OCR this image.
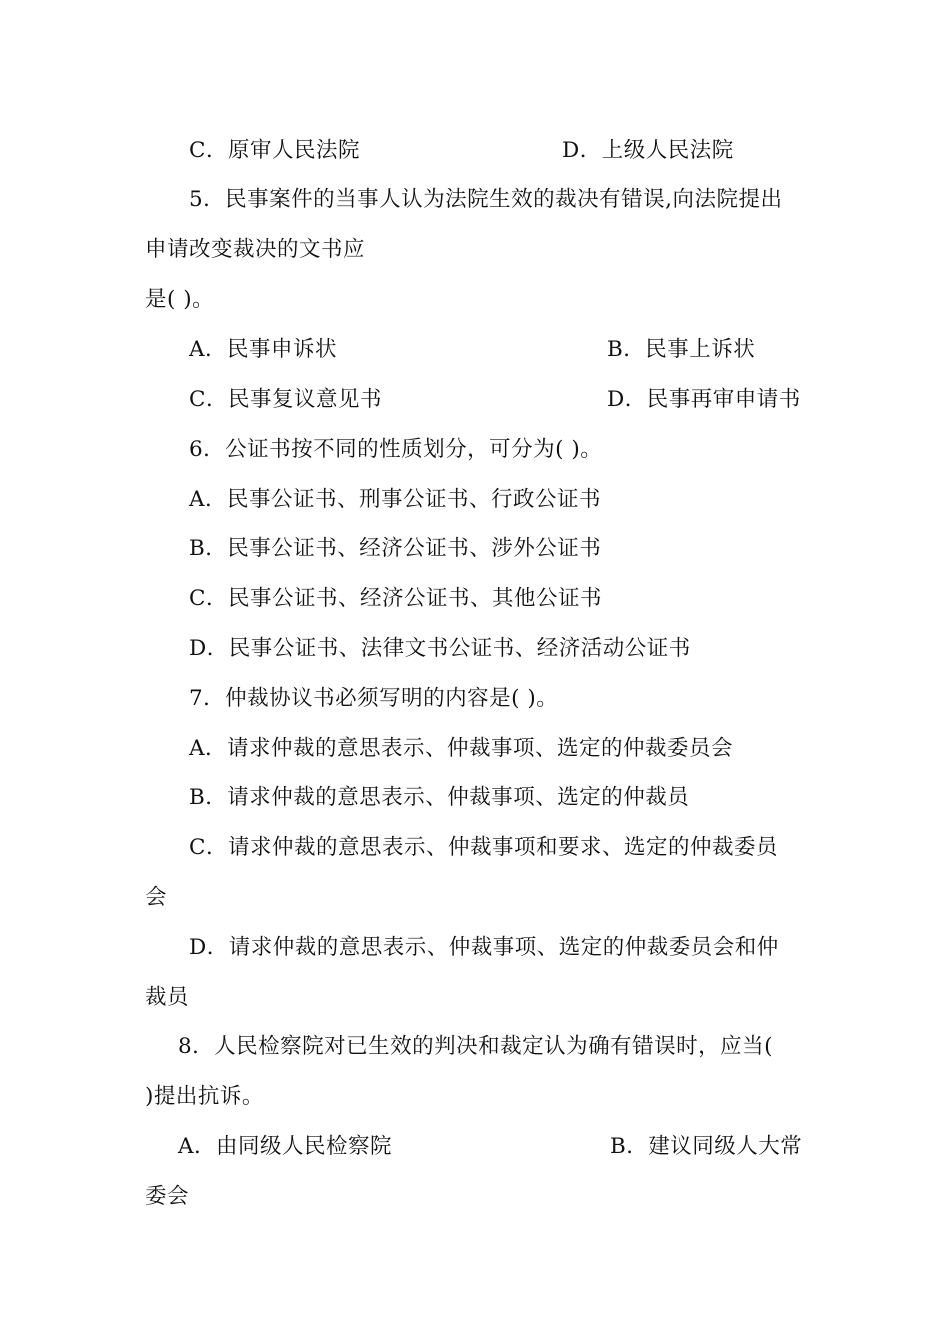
C．原审人民法院	D．上级人民法院
5．民事案件的当事人认为法院生效的裁决有错误,向法院提出
申请改变裁决的文书应
是( )。
A．民事申诉状	B．民事上诉状
C．民事复议意见书	D．民事再审申请书
6．公证书按不同的性质划分，可分为( )。
A．民事公证书、刑事公证书、行政公证书
B．民事公证书、经济公证书、涉外公证书
C．民事公证书、经济公证书、其他公证书
D．民事公证书、法律文书公证书、经济活动公证书
7．仲裁协议书必须写明的内容是( )。
A．请求仲裁的意思表示、仲裁事项、选定的仲裁委员会
B．请求仲裁的意思表示、仲裁事项、选定的仲裁员
C．请求仲裁的意思表示、仲裁事项和要求、选定的仲裁委员
会
D．请求仲裁的意思表示、仲裁事项、选定的仲裁委员会和仲
裁员
8．人民检察院对已生效的判决和裁定认为确有错误时，应当(
)提出抗诉。
A．由同级人民检察院	B．建议同级人大常
委会
